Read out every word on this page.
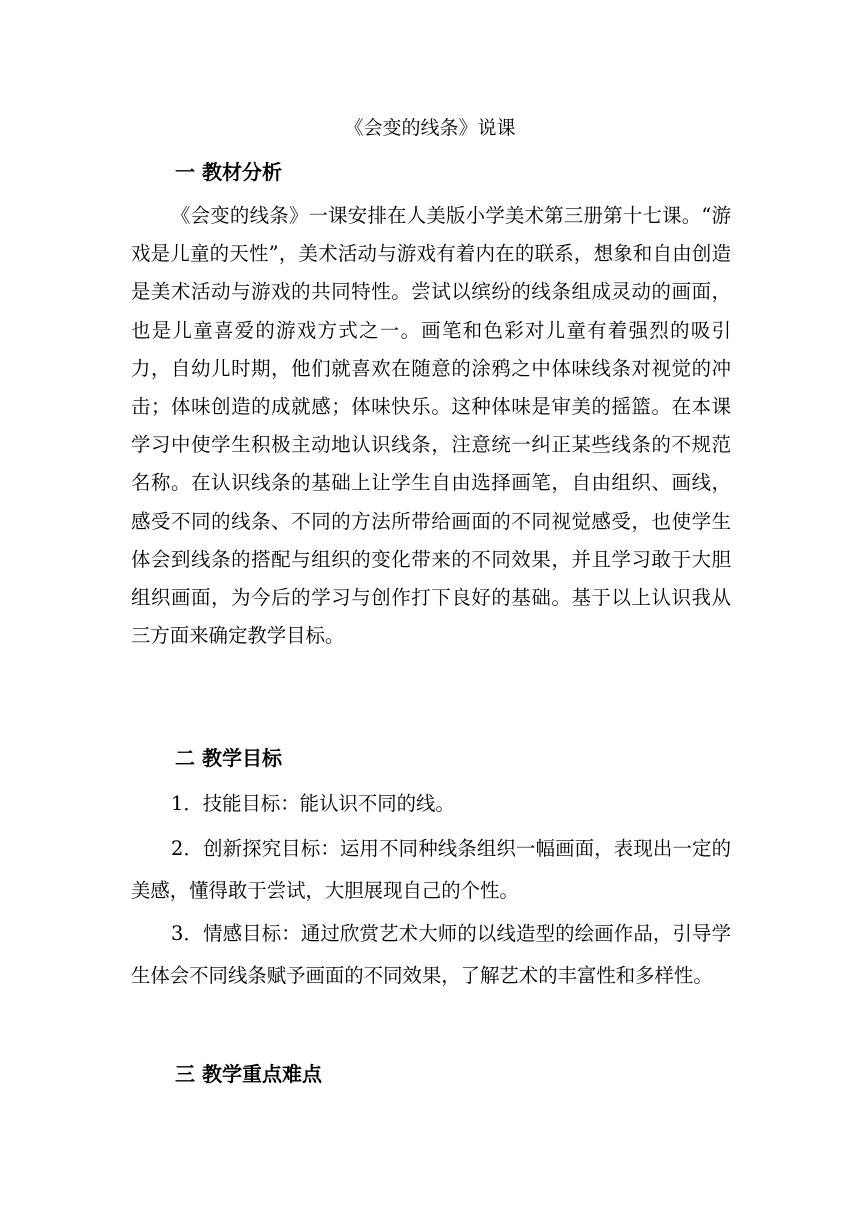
《会变的线条》说课
一 教材分析

《会变的线条》一课安排在人美版小学美术第三册第十七课。“游戏是儿童的天性”，美术活动与游戏有着内在的联系，想象和自由创造是美术活动与游戏的共同特性。尝试以缤纷的线条组成灵动的画面，也是儿童喜爱的游戏方式之一。画笔和色彩对儿童有着强烈的吸引力，自幼儿时期，他们就喜欢在随意的涂鸦之中体味线条对视觉的冲击；体味创造的成就感；体味快乐。这种体味是审美的摇篮。在本课学习中使学生积极主动地认识线条，注意统一纠正某些线条的不规范名称。在认识线条的基础上让学生自由选择画笔，自由组织、画线，感受不同的线条、不同的方法所带给画面的不同视觉感受，也使学生体会到线条的搭配与组织的变化带来的不同效果，并且学习敢于大胆组织画面，为今后的学习与创作打下良好的基础。基于以上认识我从三方面来确定教学目标。

二 教学目标

1．技能目标：能认识不同的线。

2．创新探究目标：运用不同种线条组织一幅画面，表现出一定的美感，懂得敢于尝试，大胆展现自己的个性。

3．情感目标：通过欣赏艺术大师的以线造型的绘画作品，引导学生体会不同线条赋予画面的不同效果，了解艺术的丰富性和多样性。

三 教学重点难点
